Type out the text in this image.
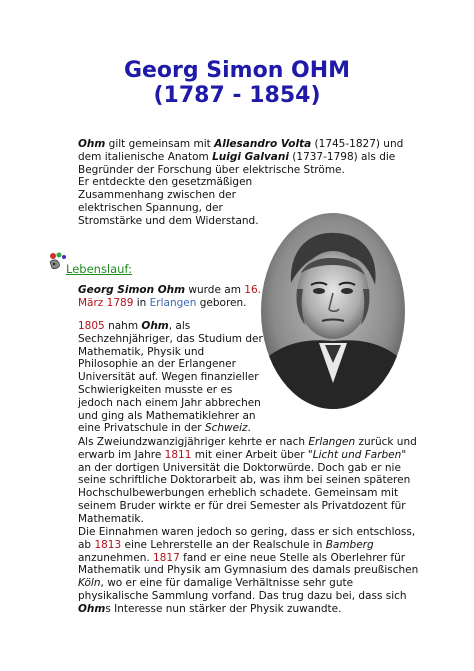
Georg Simon OHM
(1787 - 1854)
Ohm gilt gemeinsam mit Allesandro Volta (1745-1827) und
dem italienische Anatom Luigi Galvani (1737-1798) als die
Begründer der Forschung über elektrische Ströme.
Er entdeckte den gesetzmäßigen
Zusammenhang zwischen der
elektrischen Spannung, der
Stromstärke und dem Widerstand.
Lebenslauf:
Georg Simon Ohm wurde am 16.
März 1789 in Erlangen geboren.
1805 nahm Ohm, als
Sechzehnjähriger, das Studium der
Mathematik, Physik und
Philosophie an der Erlangener
Universität auf. Wegen finanzieller
Schwierigkeiten musste er es
jedoch nach einem Jahr abbrechen
und ging als Mathematiklehrer an
eine Privatschule in der Schweiz.
Als Zweiundzwanzigjähriger kehrte er nach Erlangen zurück und
erwarb im Jahre 1811 mit einer Arbeit über "Licht und Farben"
an der dortigen Universität die Doktorwürde. Doch gab er nie
seine schriftliche Doktorarbeit ab, was ihm bei seinen späteren
Hochschulbewerbungen erheblich schadete. Gemeinsam mit
seinem Bruder wirkte er für drei Semester als Privatdozent für
Mathematik.
Die Einnahmen waren jedoch so gering, dass er sich entschloss,
ab 1813 eine Lehrerstelle an der Realschule in Bamberg
anzunehmen. 1817 fand er eine neue Stelle als Oberlehrer für
Mathematik und Physik am Gymnasium des damals preußischen
Köln, wo er eine für damalige Verhältnisse sehr gute
physikalische Sammlung vorfand. Das trug dazu bei, dass sich
Ohms Interesse nun stärker der Physik zuwandte.
